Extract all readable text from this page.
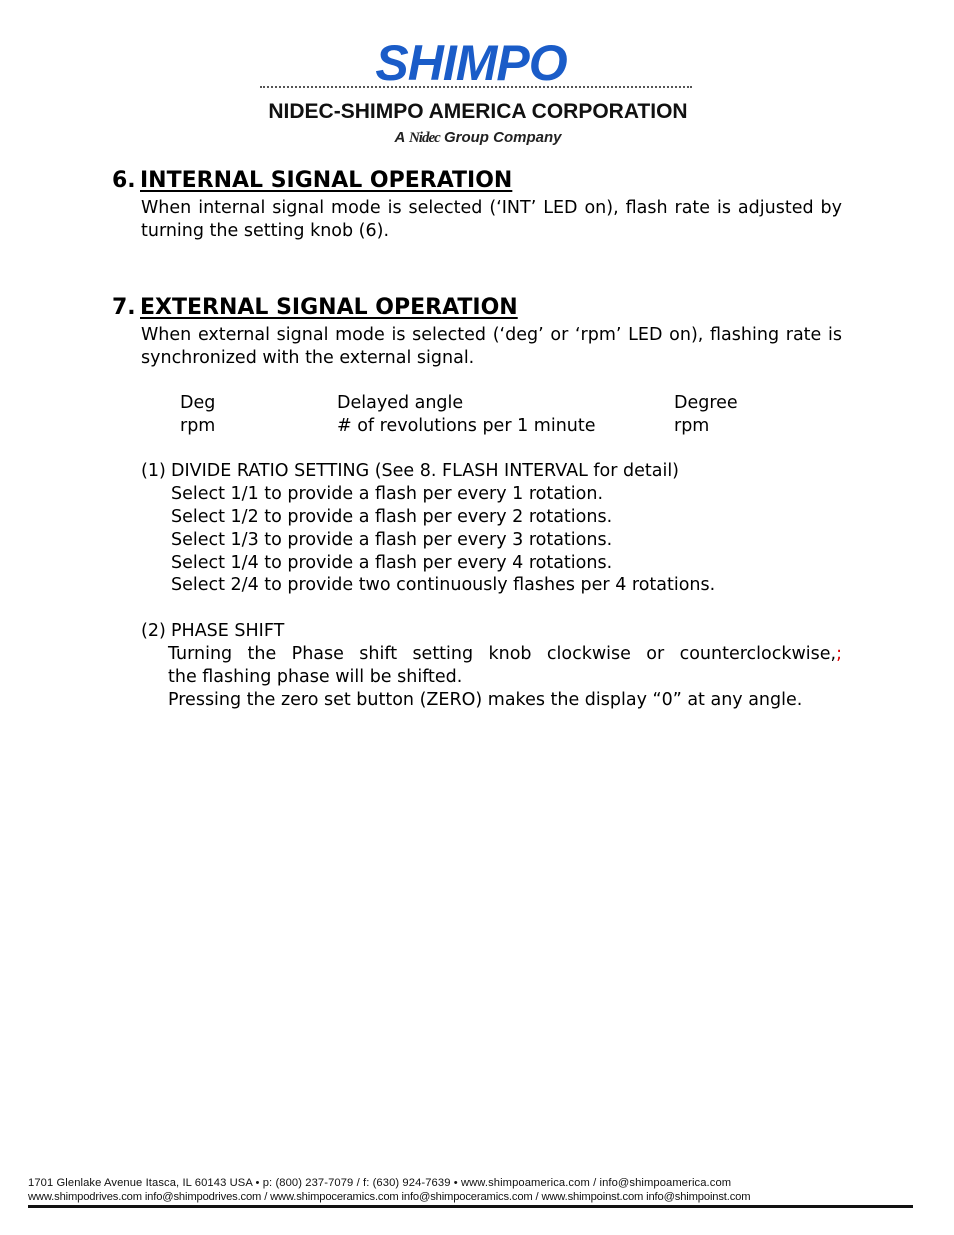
SHIMPO
NIDEC-SHIMPO AMERICA CORPORATION
A Nidec Group Company
6. INTERNAL SIGNAL OPERATION
When internal signal mode is selected (‘INT’ LED on), flash rate is adjusted by turning the setting knob (6).
7. EXTERNAL SIGNAL OPERATION
When external signal mode is selected (‘deg’ or ‘rpm’ LED on), flashing rate is synchronized with the external signal.
Deg	Delayed angle	Degree
rpm	# of revolutions per 1 minute	rpm
(1) DIVIDE RATIO SETTING (See 8. FLASH INTERVAL for detail)
Select 1/1 to provide a flash per every 1 rotation.
Select 1/2 to provide a flash per every 2 rotations.
Select 1/3 to provide a flash per every 3 rotations.
Select 1/4 to provide a flash per every 4 rotations.
Select 2/4 to provide two continuously flashes per 4 rotations.
(2) PHASE SHIFT
Turning the Phase shift setting knob clockwise or counterclockwise,;
the flashing phase will be shifted.
Pressing the zero set button (ZERO) makes the display “0” at any angle.
1701 Glenlake Avenue Itasca, IL 60143 USA • p: (800) 237-7079 / f: (630) 924-7639 • www.shimpoamerica.com / info@shimpoamerica.com
www.shimpodrives.com info@shimpodrives.com / www.shimpoceramics.com info@shimpoceramics.com / www.shimpoinst.com info@shimpoinst.com
